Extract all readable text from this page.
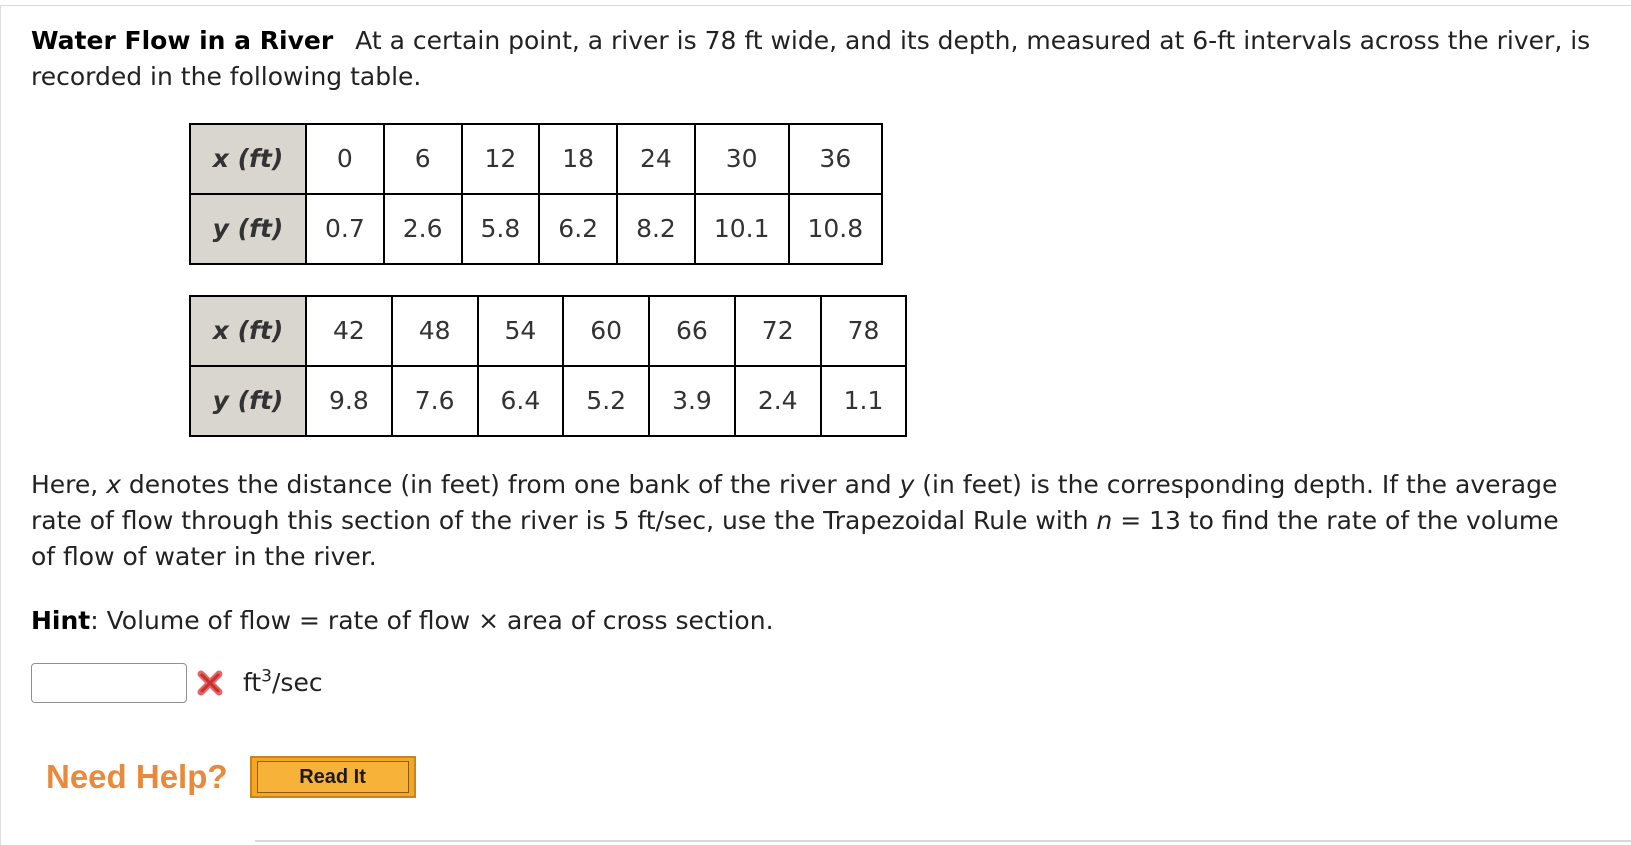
Water Flow in a River At a certain point, a river is 78 ft wide, and its depth, measured at 6-ft intervals across the river, is recorded in the following table.

x (ft)	0	6	12	18	24	30	36
y (ft)	0.7	2.6	5.8	6.2	8.2	10.1	10.8
x (ft)	42	48	54	60	66	72	78
y (ft)	9.8	7.6	6.4	5.2	3.9	2.4	1.1

Here, x denotes the distance (in feet) from one bank of the river and y (in feet) is the corresponding depth. If the average

rate of flow through this section of the river is 5 ft/sec, use the Trapezoidal Rule with n = 13 to find the rate of the volume

of flow of water in the river.

Hint: Volume of flow = rate of flow × area of cross section.
$ft^3/\sec$
Need Help?	Read It
